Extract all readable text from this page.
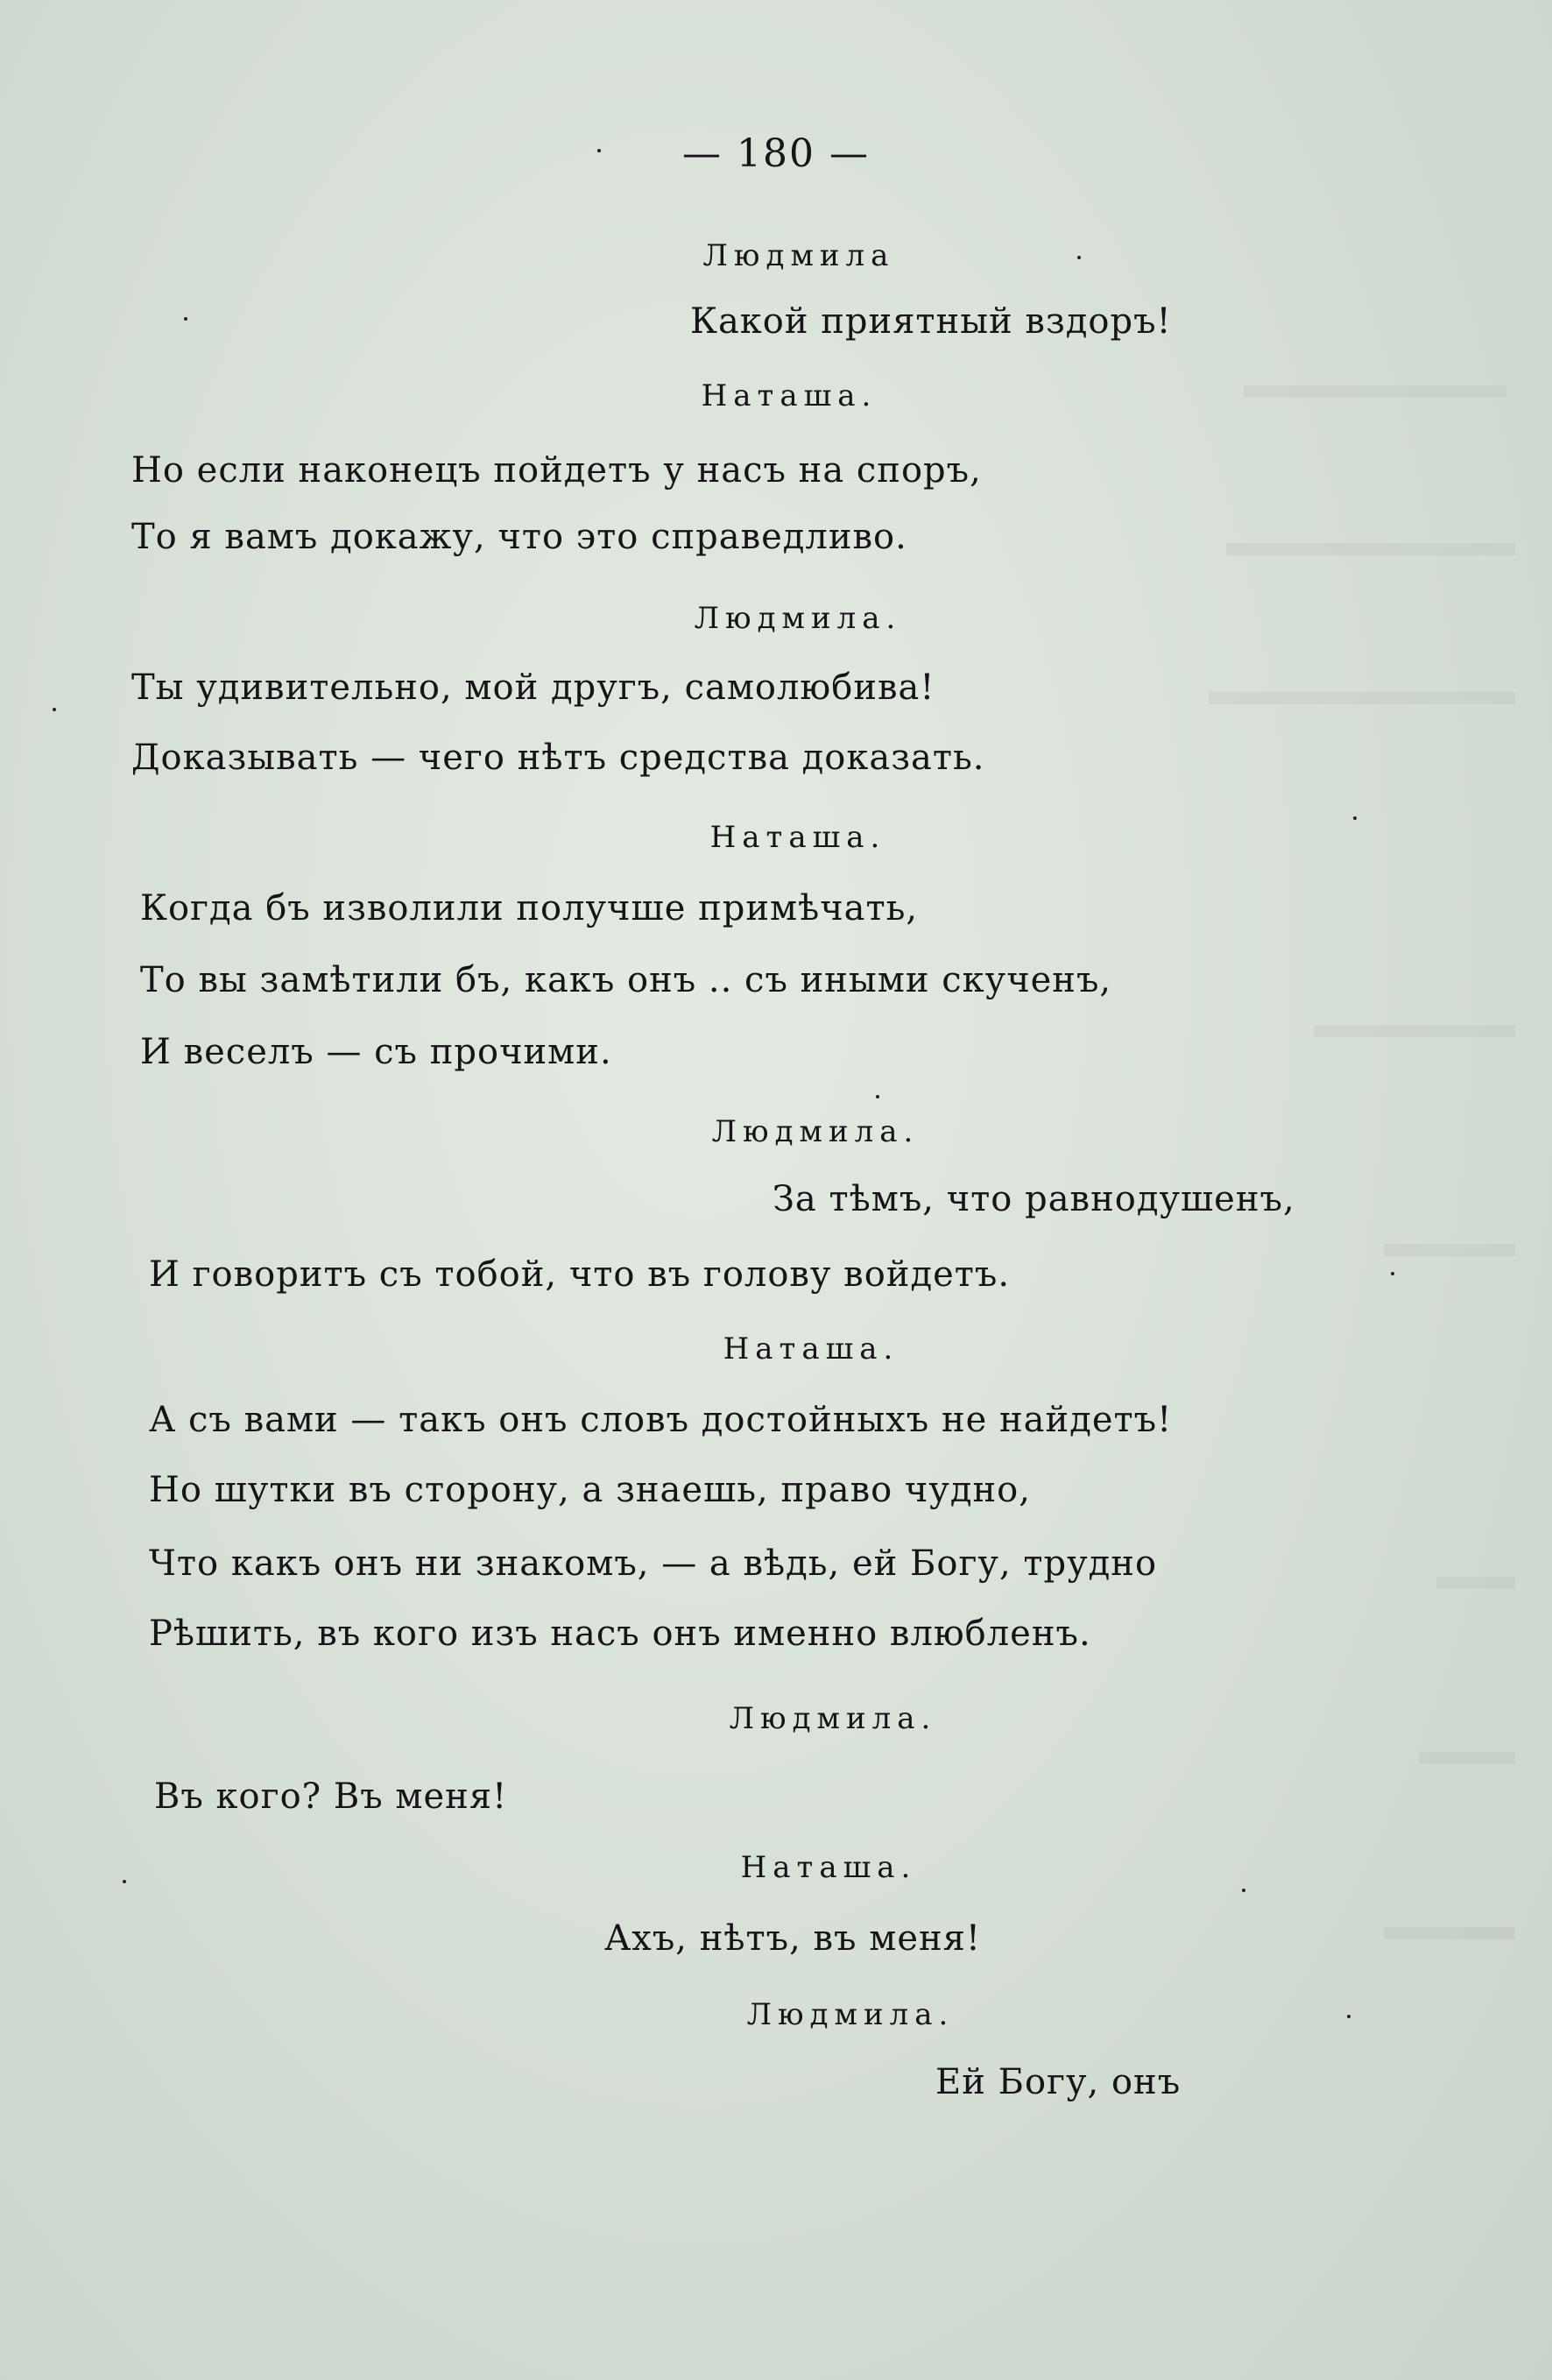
— 180 —
Людмила
Какой приятный вздоръ!
Наташа.
Но если наконецъ пойдетъ у насъ на споръ,
То я вамъ докажу, что это справедливо.
Людмила.
Ты удивительно, мой другъ, самолюбива!
Доказывать — чего нѣтъ средства доказать.
Наташа.
Когда бъ изволили получше примѣчать,
То вы замѣтили бъ, какъ онъ .. съ иными скученъ,
И веселъ — съ прочими.
Людмила.
За тѣмъ, что равнодушенъ,
И говоритъ съ тобой, что въ голову войдетъ.
Наташа.
А съ вами — такъ онъ словъ достойныхъ не найдетъ!
Но шутки въ сторону, а знаешь, право чудно,
Что какъ онъ ни знакомъ, — а вѣдь, ей Богу, трудно
Рѣшить, въ кого изъ насъ онъ именно влюбленъ.
Людмила.
Въ кого? Въ меня!
Наташа.
Ахъ, нѣтъ, въ меня!
Людмила.
Ей Богу, онъ
